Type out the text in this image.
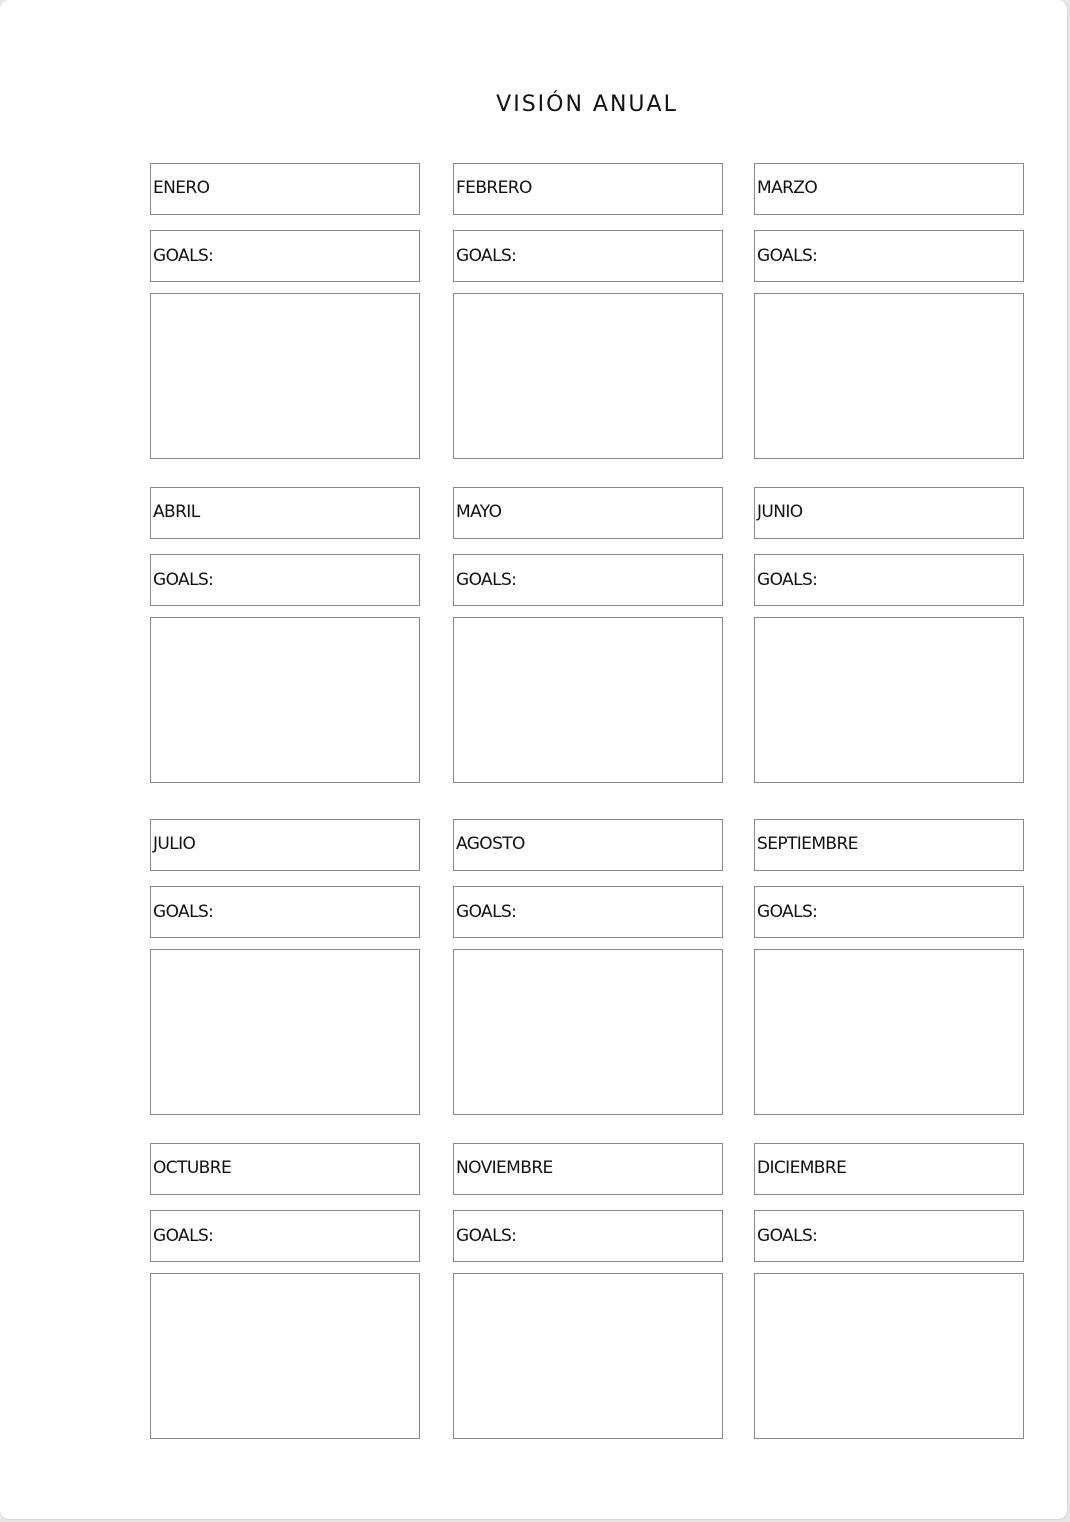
VISIÓN ANUAL
ENERO
GOALS:
FEBRERO
GOALS:
MARZO
GOALS:
ABRIL
GOALS:
MAYO
GOALS:
JUNIO
GOALS:
JULIO
GOALS:
AGOSTO
GOALS:
SEPTIEMBRE
GOALS:
OCTUBRE
GOALS:
NOVIEMBRE
GOALS:
DICIEMBRE
GOALS:
